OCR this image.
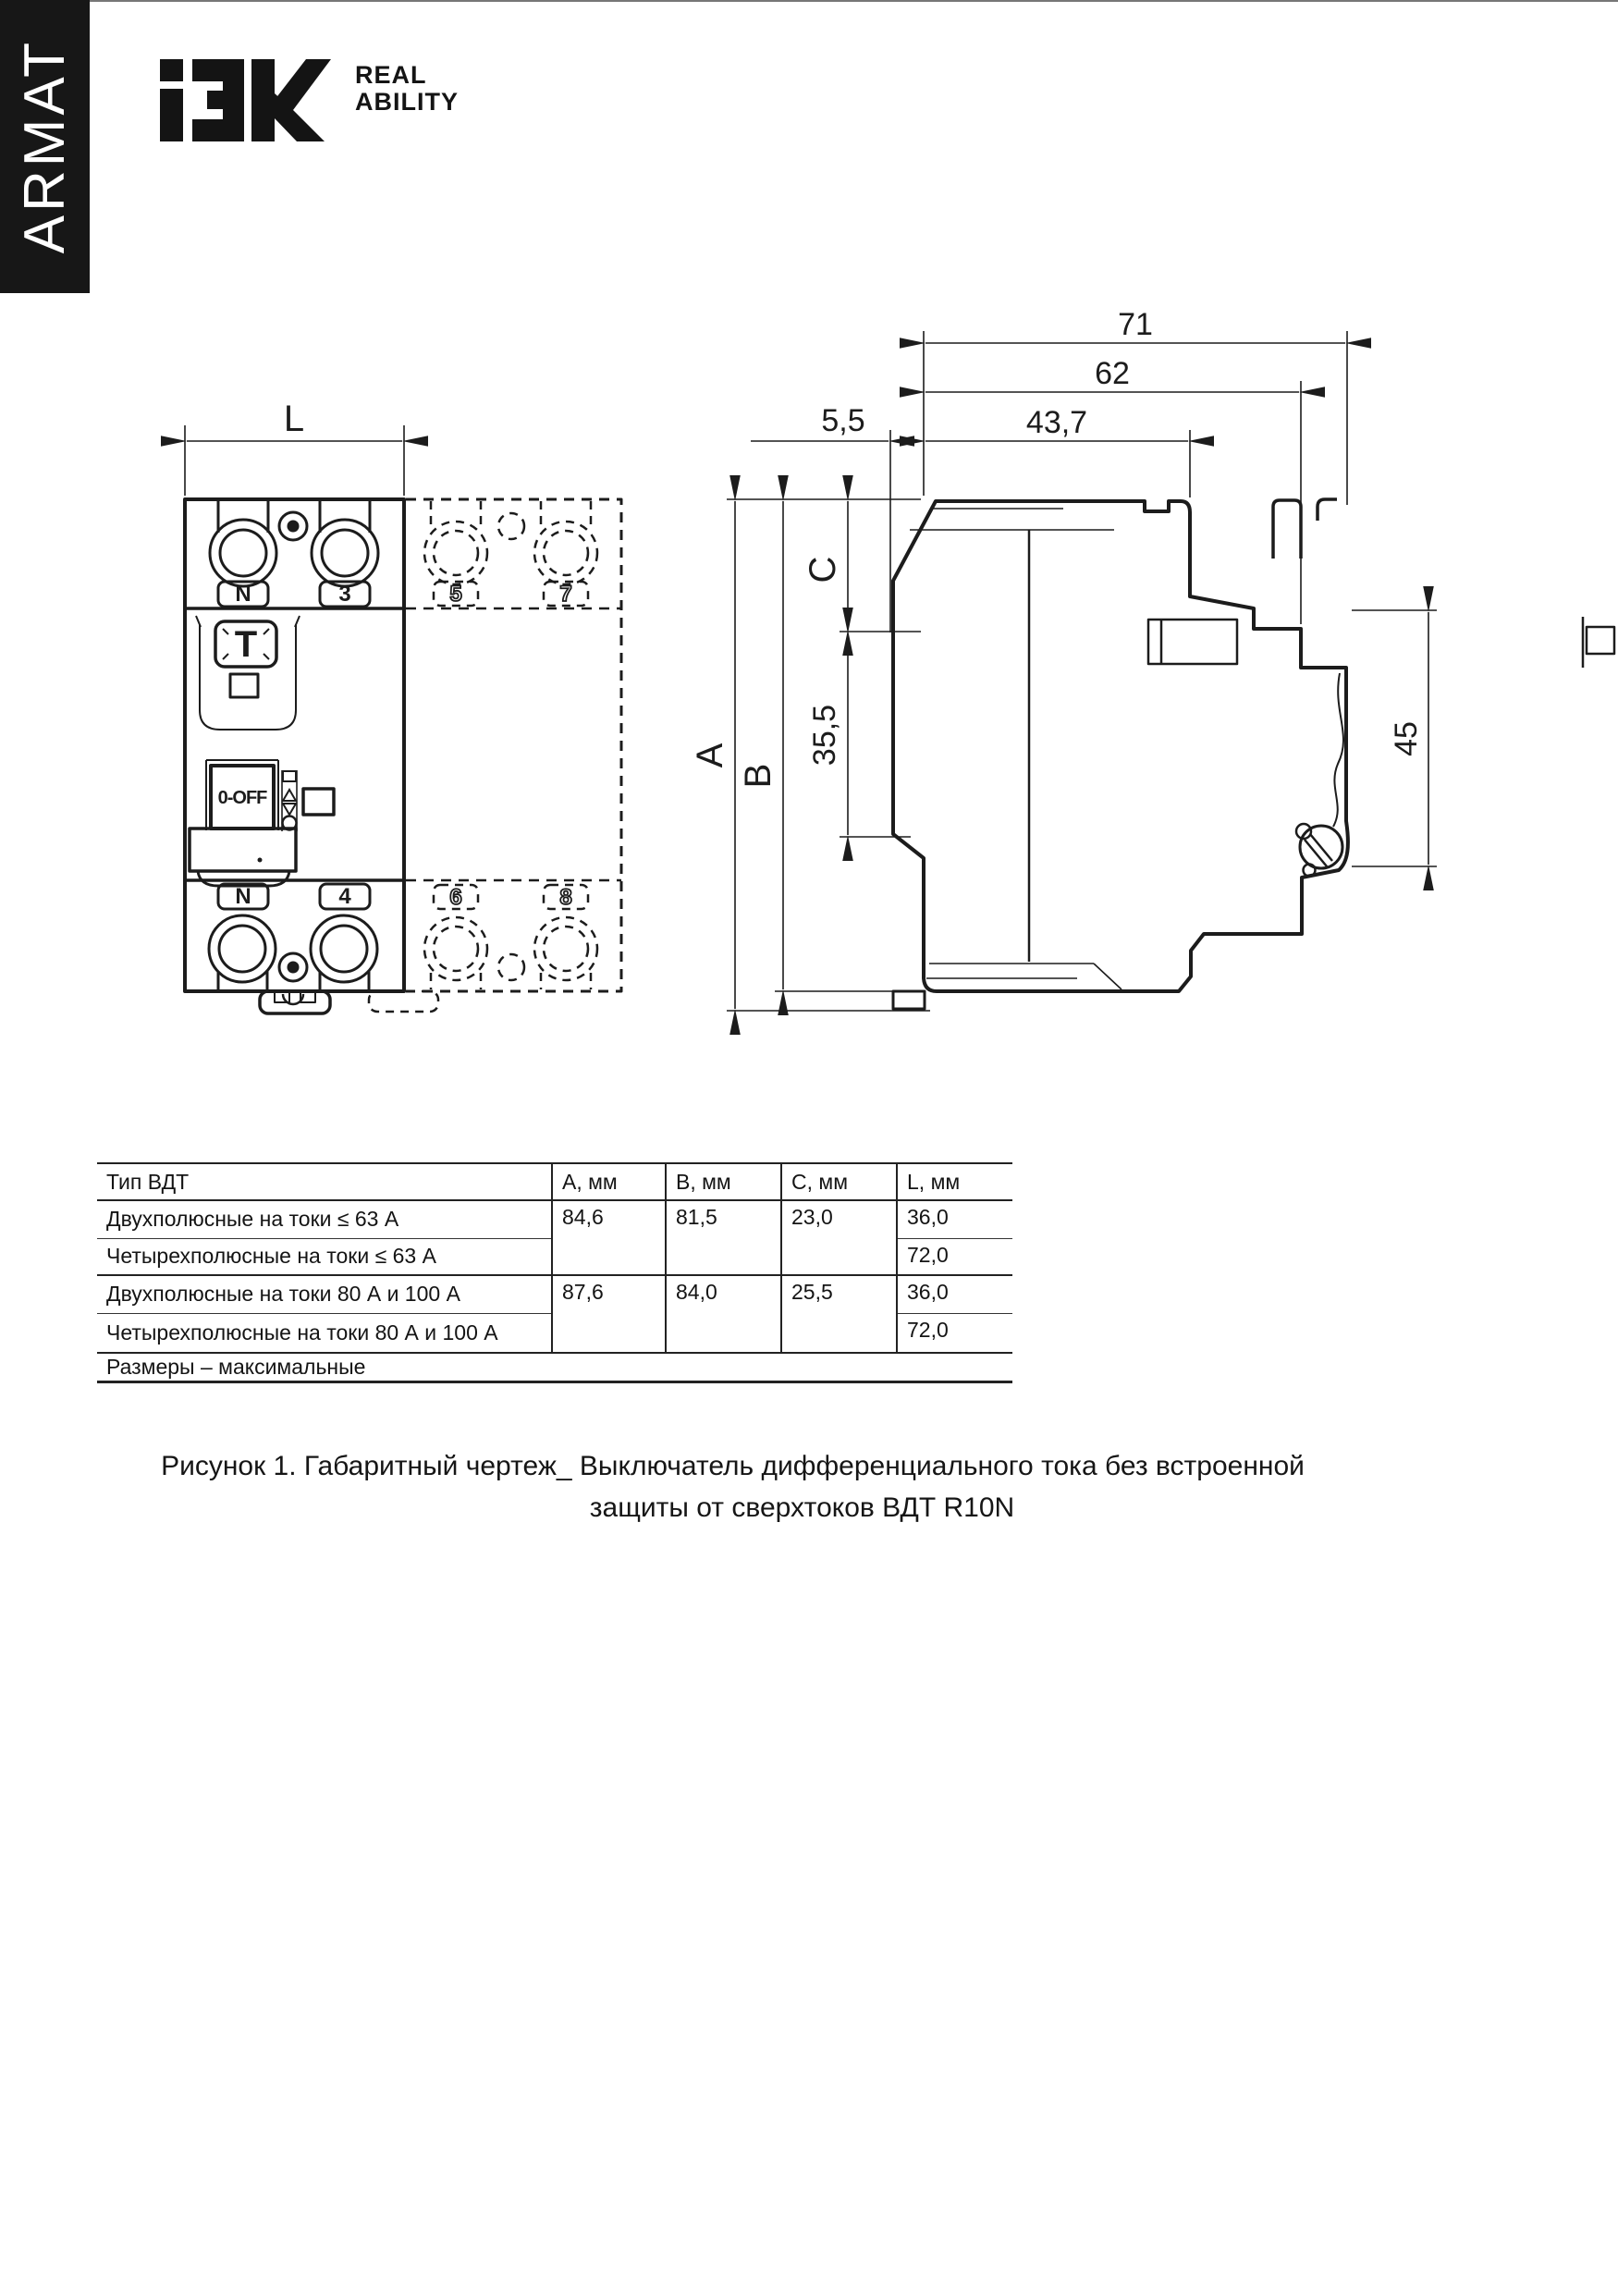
ARMAT	REAL
ABILITY
L
N	3
T
0-OFF
N	4
5	7
6	8
71
62
43,7
5,5
A
B
C
35,5	45
Тип ВДТ	A, мм	B, мм	C, мм	L, мм
Двухполюсные на токи ≤ 63 А	84,6	81,5	23,0	36,0
Четырехполюсные на токи ≤ 63 А				72,0
Двухполюсные на токи 80 А и 100 А	87,6	84,0	25,5	36,0
Четырехполюсные на токи 80 А и 100 А				72,0
Размеры – максимальные				
Рисунок 1. Габаритный чертеж_ Выключатель дифференциального тока без встроенной
защиты от сверхтоков ВДТ R10N
